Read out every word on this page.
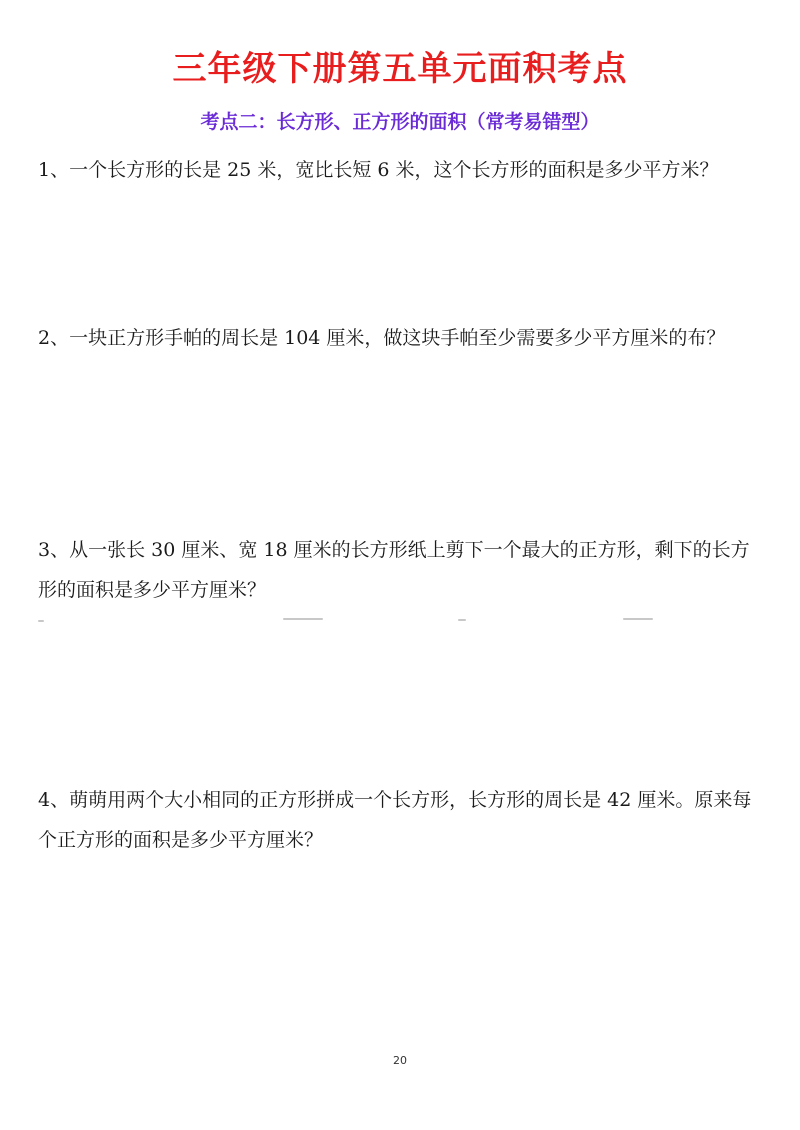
三年级下册第五单元面积考点
考点二：长方形、正方形的面积（常考易错型）
1、一个长方形的长是 25 米，宽比长短 6 米，这个长方形的面积是多少平方米？
2、一块正方形手帕的周长是 104 厘米，做这块手帕至少需要多少平方厘米的布？
3、从一张长 30 厘米、宽 18 厘米的长方形纸上剪下一个最大的正方形，剩下的长方形的面积是多少平方厘米？
4、萌萌用两个大小相同的正方形拼成一个长方形，长方形的周长是 42 厘米。原来每个正方形的面积是多少平方厘米？
20
